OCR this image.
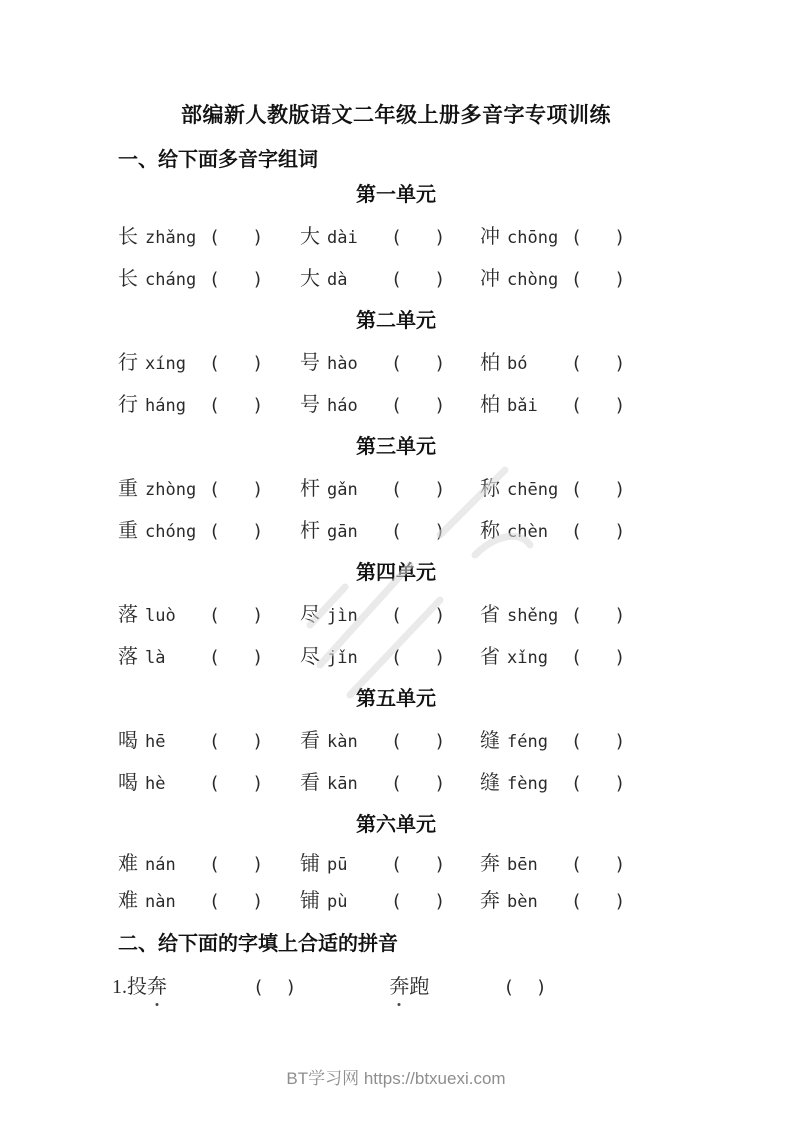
部编新人教版语文二年级上册多音字专项训练
一、给下面多音字组词
第一单元
长 zhǎng (   ) 大 dài	(   ) 冲 chōng (   )
长 cháng (   ) 大 dà	(   ) 冲 chòng (   )
第二单元
行 xíng	(   ) 号 hào	(   ) 柏 bó	(   )
行 háng	(   ) 号 háo	(   ) 柏 bǎi	(   )
第三单元
重 zhòng (   ) 杆 gǎn	(   ) 称 chēng (   )
重 chóng (   ) 杆 gān	(   ) 称 chèn	(   )
第四单元
落 luò	(   ) 尽 jìn	(   ) 省 shěng (   )
落 là	(   ) 尽 jǐn	(   ) 省 xǐng	(   )
第五单元
喝 hē	(   ) 看 kàn	(   ) 缝 féng	(   )
喝 hè	(   ) 看 kān	(   ) 缝 fèng	(   )
第六单元
难 nán	(   ) 铺 pū	(   ) 奔 bēn	(   )
难 nàn	(   ) 铺 pù	(   ) 奔 bèn	(   )
二、给下面的字填上合适的拼音
1.投奔	(  )	奔跑	(  )
BT学习网 https://btxuexi.com
